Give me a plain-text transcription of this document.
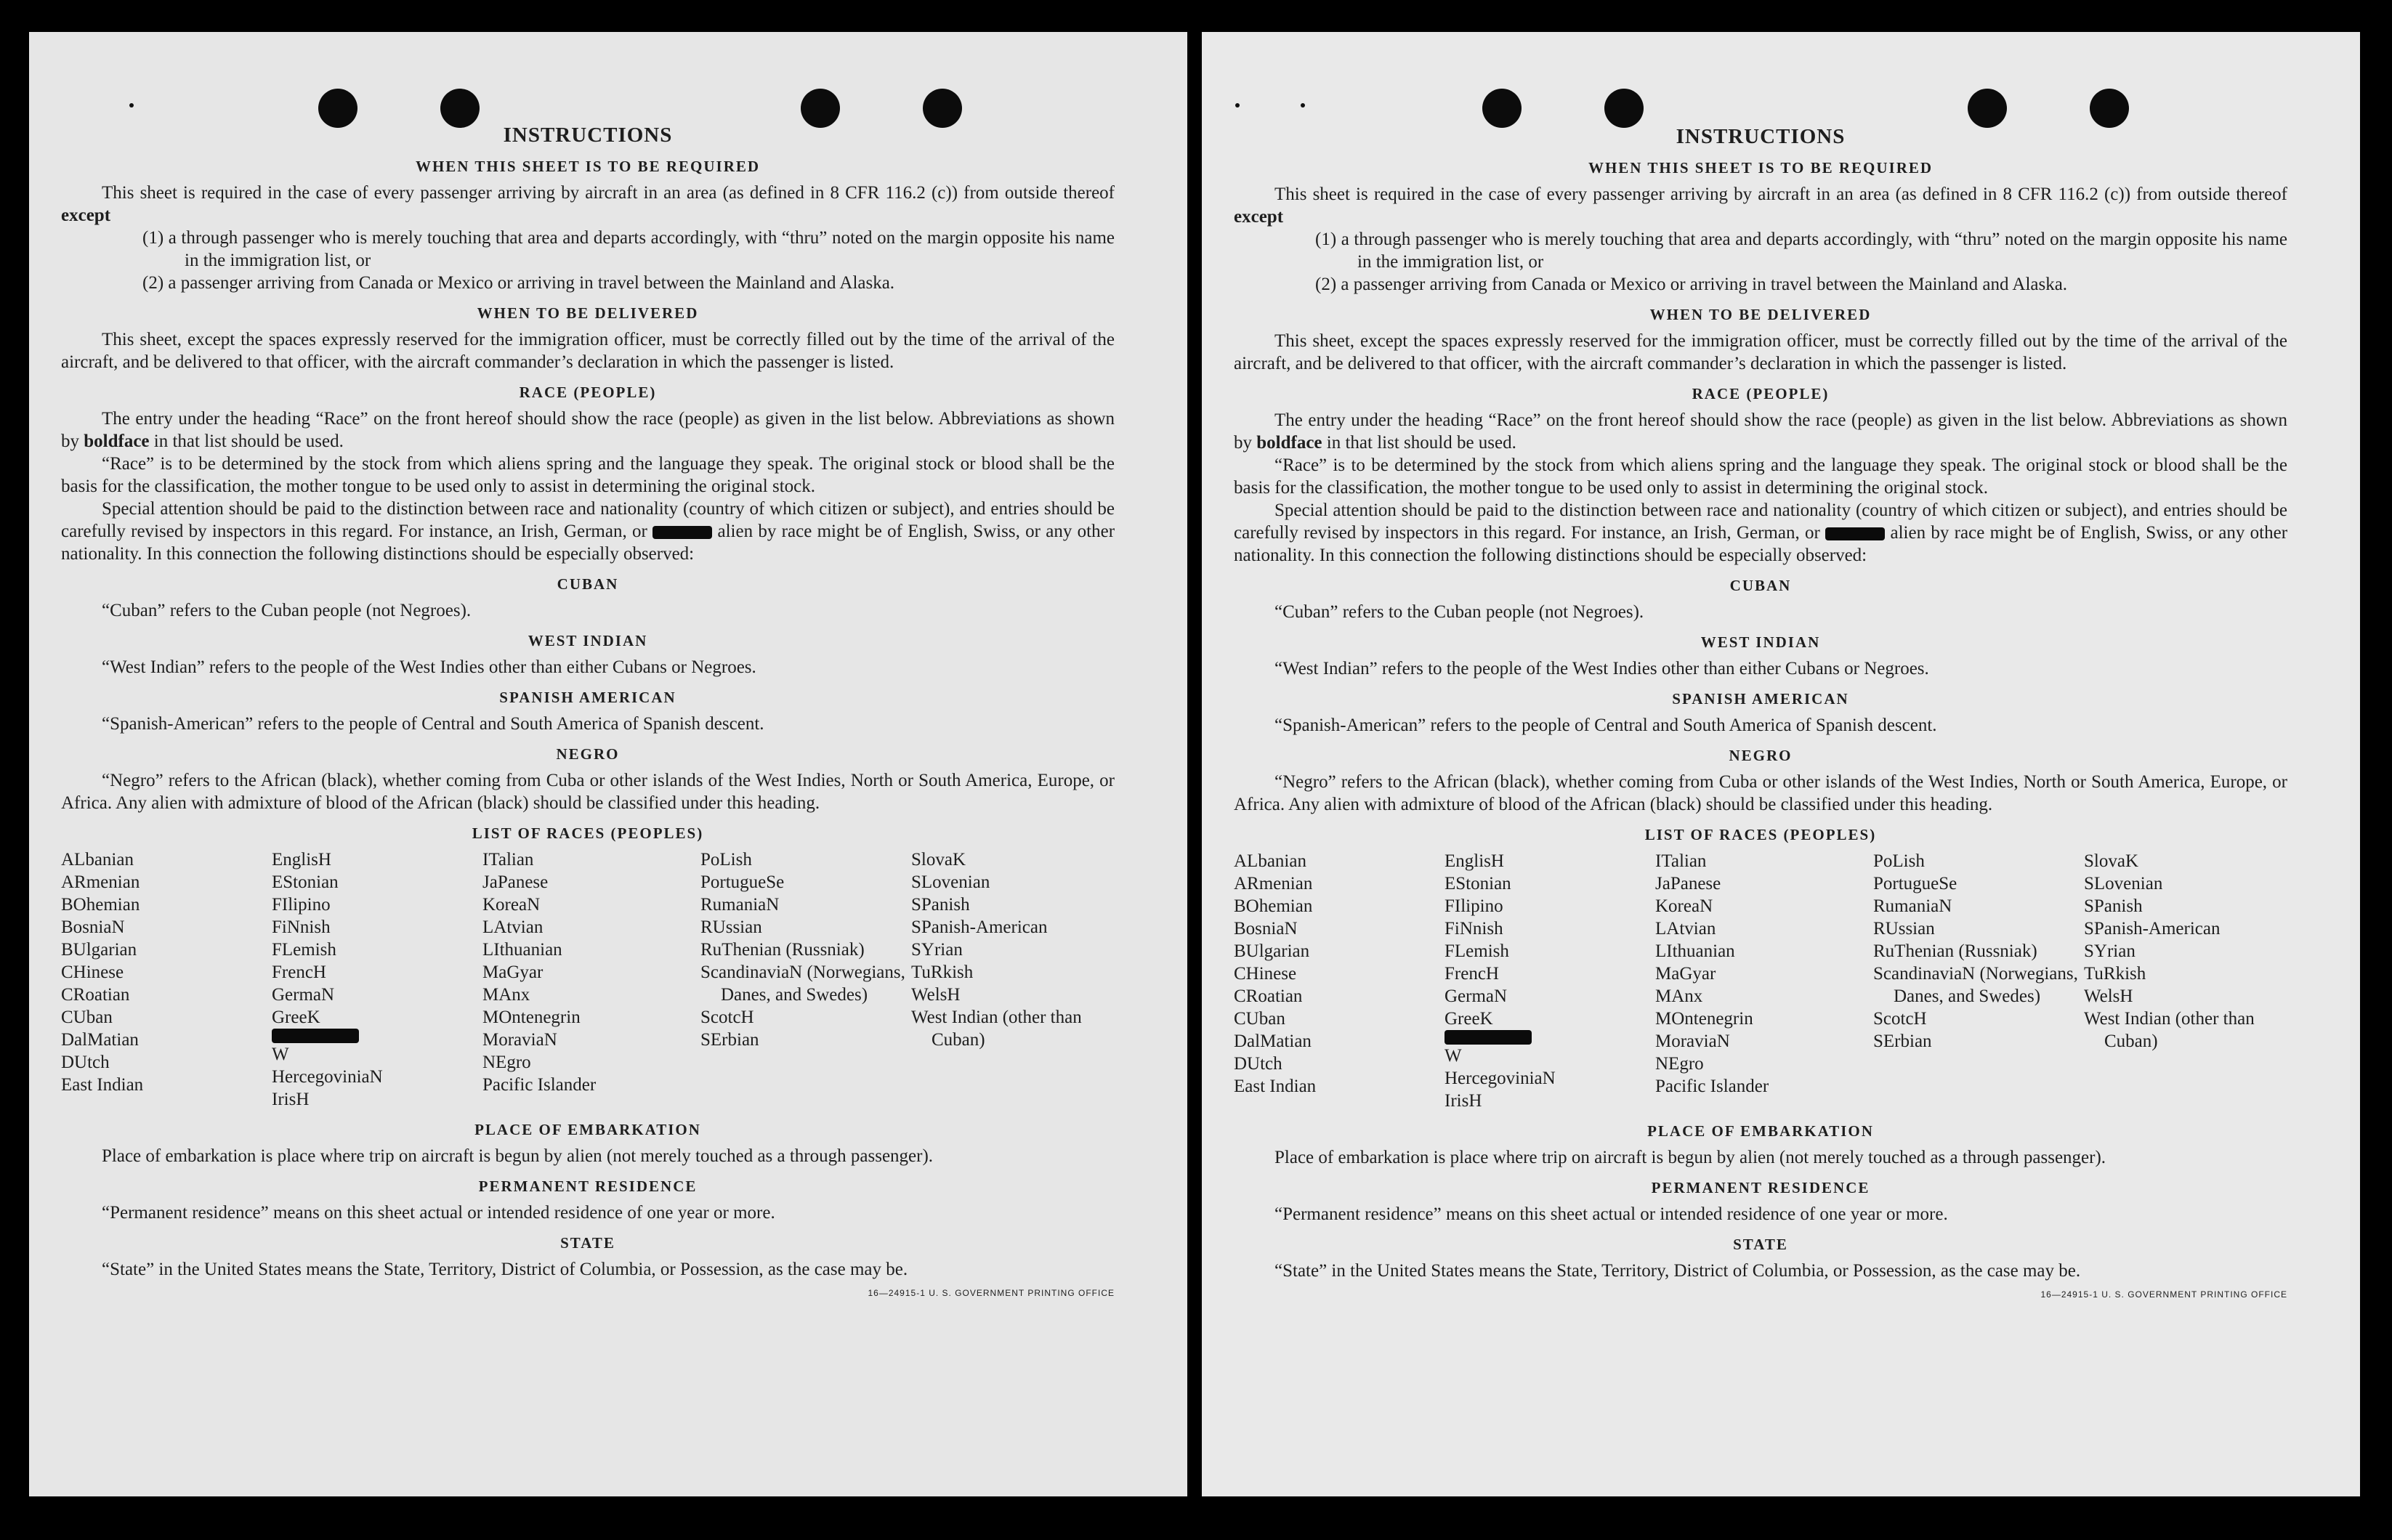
INSTRUCTIONS
WHEN THIS SHEET IS TO BE REQUIRED

This sheet is required in the case of every passenger arriving by aircraft in an area (as defined in 8 CFR 116.2 (c)) from outside thereof except

(1) a through passenger who is merely touching that area and departs accordingly, with “thru” noted on the margin opposite his name in the immigration list, or

(2) a passenger arriving from Canada or Mexico or arriving in travel between the Mainland and Alaska.

WHEN TO BE DELIVERED

This sheet, except the spaces expressly reserved for the immigration officer, must be correctly filled out by the time of the arrival of the aircraft, and be delivered to that officer, with the aircraft commander’s declaration in which the passenger is listed.

RACE (PEOPLE)

The entry under the heading “Race” on the front hereof should show the race (people) as given in the list below. Abbreviations as shown by boldface in that list should be used.

“Race” is to be determined by the stock from which aliens spring and the language they speak. The original stock or blood shall be the basis for the classification, the mother tongue to be used only to assist in determining the original stock.

Special attention should be paid to the distinction between race and nationality (country of which citizen or subject), and entries should be carefully revised by inspectors in this regard. For instance, an Irish, German, or	alien by race might be of English, Swiss, or any other nationality. In this connection the following distinctions should be especially observed:

CUBAN

“Cuban” refers to the Cuban people (not Negroes).

WEST INDIAN

“West Indian” refers to the people of the West Indies other than either Cubans or Negroes.

SPANISH AMERICAN

“Spanish-American” refers to the people of Central and South America of Spanish descent.

NEGRO

“Negro” refers to the African (black), whether coming from Cuba or other islands of the West Indies, North or South America, Europe, or Africa. Any alien with admixture of blood of the African (black) should be classified under this heading.

LIST OF RACES (PEOPLES)
ALbanian
ARmenian
BOhemian
BosniaN
BUlgarian
CHinese
CRoatian
CUban
DalMatian
DUtch
East Indian
EnglisH
EStonian
FIlipino
FiNnish
FLemish
FrencH
GermaN
GreeK
W
HercegoviniaN
IrisH
ITalian
JaPanese
KoreaN
LAtvian
LIthuanian
MaGyar
MAnx
MOntenegrin
MoraviaN
NEgro
Pacific Islander
PoLish
PortugueSe
RumaniaN
RUssian
RuThenian (Russniak)
ScandinaviaN (Norwegians, Danes, and Swedes)
ScotcH
SErbian
SlovaK
SLovenian
SPanish
SPanish-American
SYrian
TuRkish
WelsH
West Indian (other than Cuban)
PLACE OF EMBARKATION

Place of embarkation is place where trip on aircraft is begun by alien (not merely touched as a through passenger).

PERMANENT RESIDENCE

“Permanent residence” means on this sheet actual or intended residence of one year or more.

STATE

“State” in the United States means the State, Territory, District of Columbia, or Possession, as the case may be.

16—24915-1 U. S. GOVERNMENT PRINTING OFFICE
INSTRUCTIONS
WHEN THIS SHEET IS TO BE REQUIRED

This sheet is required in the case of every passenger arriving by aircraft in an area (as defined in 8 CFR 116.2 (c)) from outside thereof except

(1) a through passenger who is merely touching that area and departs accordingly, with “thru” noted on the margin opposite his name in the immigration list, or

(2) a passenger arriving from Canada or Mexico or arriving in travel between the Mainland and Alaska.

WHEN TO BE DELIVERED

This sheet, except the spaces expressly reserved for the immigration officer, must be correctly filled out by the time of the arrival of the aircraft, and be delivered to that officer, with the aircraft commander’s declaration in which the passenger is listed.

RACE (PEOPLE)

The entry under the heading “Race” on the front hereof should show the race (people) as given in the list below. Abbreviations as shown by boldface in that list should be used.

“Race” is to be determined by the stock from which aliens spring and the language they speak. The original stock or blood shall be the basis for the classification, the mother tongue to be used only to assist in determining the original stock.

Special attention should be paid to the distinction between race and nationality (country of which citizen or subject), and entries should be carefully revised by inspectors in this regard. For instance, an Irish, German, or	alien by race might be of English, Swiss, or any other nationality. In this connection the following distinctions should be especially observed:

CUBAN

“Cuban” refers to the Cuban people (not Negroes).

WEST INDIAN

“West Indian” refers to the people of the West Indies other than either Cubans or Negroes.

SPANISH AMERICAN

“Spanish-American” refers to the people of Central and South America of Spanish descent.

NEGRO

“Negro” refers to the African (black), whether coming from Cuba or other islands of the West Indies, North or South America, Europe, or Africa. Any alien with admixture of blood of the African (black) should be classified under this heading.

LIST OF RACES (PEOPLES)
ALbanian
ARmenian
BOhemian
BosniaN
BUlgarian
CHinese
CRoatian
CUban
DalMatian
DUtch
East Indian
EnglisH
EStonian
FIlipino
FiNnish
FLemish
FrencH
GermaN
GreeK
W
HercegoviniaN
IrisH
ITalian
JaPanese
KoreaN
LAtvian
LIthuanian
MaGyar
MAnx
MOntenegrin
MoraviaN
NEgro
Pacific Islander
PoLish
PortugueSe
RumaniaN
RUssian
RuThenian (Russniak)
ScandinaviaN (Norwegians, Danes, and Swedes)
ScotcH
SErbian
SlovaK
SLovenian
SPanish
SPanish-American
SYrian
TuRkish
WelsH
West Indian (other than Cuban)
PLACE OF EMBARKATION

Place of embarkation is place where trip on aircraft is begun by alien (not merely touched as a through passenger).

PERMANENT RESIDENCE

“Permanent residence” means on this sheet actual or intended residence of one year or more.

STATE

“State” in the United States means the State, Territory, District of Columbia, or Possession, as the case may be.

16—24915-1 U. S. GOVERNMENT PRINTING OFFICE
